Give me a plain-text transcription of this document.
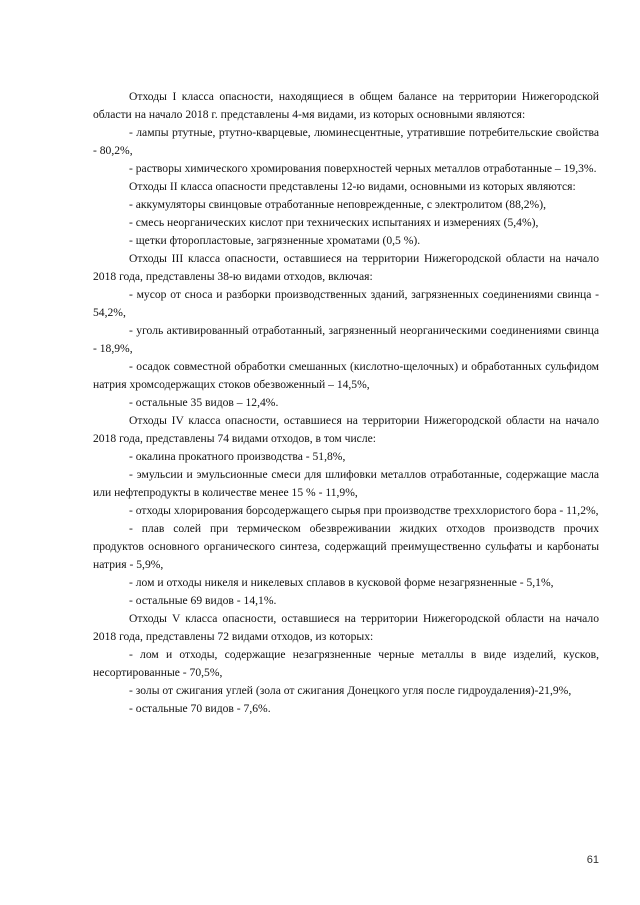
Отходы I класса опасности, находящиеся в общем балансе на территории Нижегородской области на начало 2018 г. представлены 4-мя видами, из которых основными являются:

- лампы ртутные, ртутно-кварцевые, люминесцентные, утратившие потребительские свойства - 80,2%,

- растворы химического хромирования поверхностей черных металлов отработанные – 19,3%.

Отходы II класса опасности представлены 12-ю видами, основными из которых являются:

- аккумуляторы свинцовые отработанные неповрежденные, с электролитом (88,2%),

- смесь неорганических кислот при технических испытаниях и измерениях (5,4%),

- щетки фторопластовые, загрязненные хроматами (0,5 %).

Отходы III класса опасности, оставшиеся на территории Нижегородской области на начало 2018 года, представлены 38-ю видами отходов, включая:

- мусор от сноса и разборки производственных зданий, загрязненных соединениями свинца - 54,2%,

- уголь активированный отработанный, загрязненный неорганическими соединениями свинца - 18,9%,

- осадок совместной обработки смешанных (кислотно-щелочных) и обработанных сульфидом натрия хромсодержащих стоков обезвоженный – 14,5%,

- остальные 35 видов – 12,4%.

Отходы IV класса опасности, оставшиеся на территории Нижегородской области на начало 2018 года, представлены 74 видами отходов, в том числе:

- окалина прокатного производства - 51,8%,

- эмульсии и эмульсионные смеси для шлифовки металлов отработанные, содержащие масла или нефтепродукты в количестве менее 15 % - 11,9%,

- отходы хлорирования борсодержащего сырья при производстве треххлористого бора - 11,2%,

- плав солей при термическом обезвреживании жидких отходов производств прочих продуктов основного органического синтеза, содержащий преимущественно сульфаты и карбонаты натрия - 5,9%,

- лом и отходы никеля и никелевых сплавов в кусковой форме незагрязненные - 5,1%,

- остальные 69 видов - 14,1%.

Отходы V класса опасности, оставшиеся на территории Нижегородской области на начало 2018 года, представлены 72 видами отходов, из которых:

- лом и отходы, содержащие незагрязненные черные металлы в виде изделий, кусков, несортированные - 70,5%,

- золы от сжигания углей (зола от сжигания Донецкого угля после гидроудаления)-21,9%,

- остальные 70 видов - 7,6%.

61
